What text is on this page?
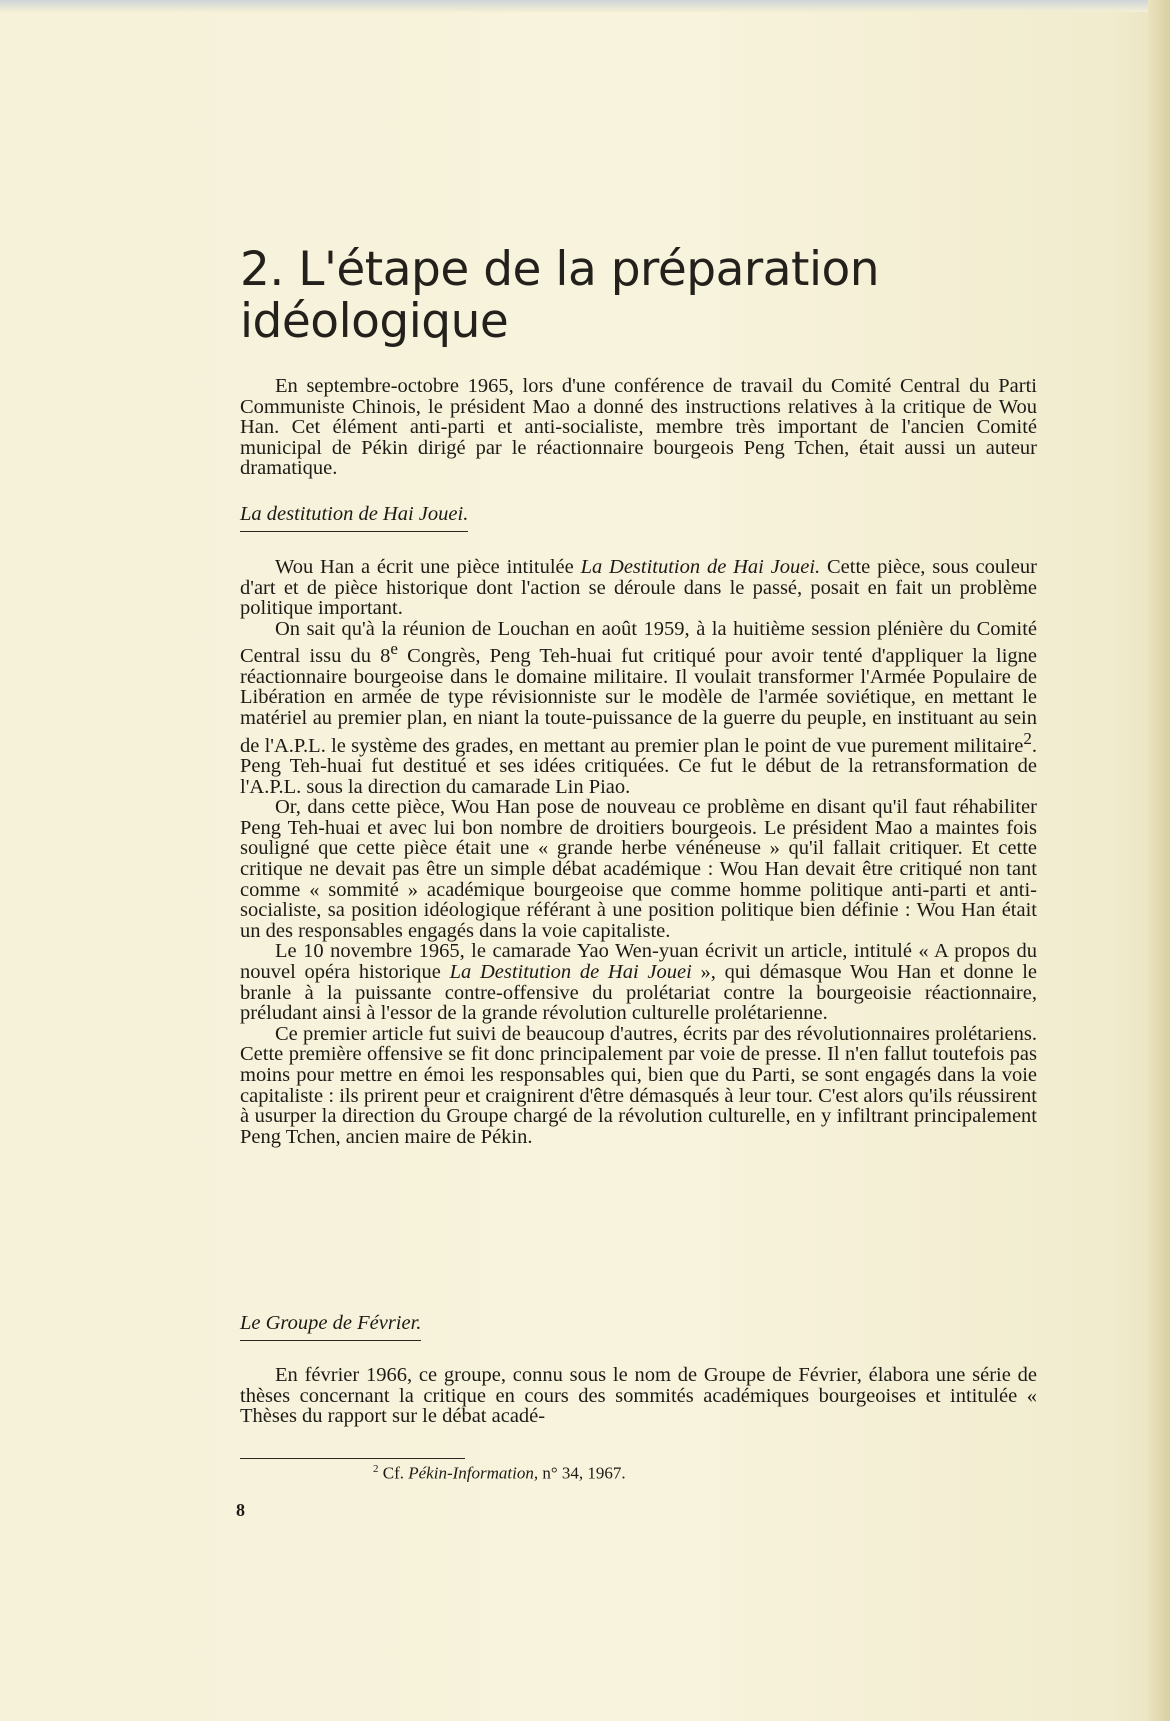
2. L'étape de la préparation
idéologique

En septembre-octobre 1965, lors d'une conférence de travail du Comité Central du Parti Communiste Chinois, le président Mao a donné des instructions relatives à la critique de Wou Han. Cet élément anti-parti et anti-socialiste, membre très important de l'ancien Comité municipal de Pékin dirigé par le réactionnaire bourgeois Peng Tchen, était aussi un auteur dramatique.

La destitution de Hai Jouei.

Wou Han a écrit une pièce intitulée La Destitution de Hai Jouei. Cette pièce, sous couleur d'art et de pièce historique dont l'action se déroule dans le passé, posait en fait un problème politique important.

On sait qu'à la réunion de Louchan en août 1959, à la huitième session plénière du Comité Central issu du 8e Congrès, Peng Teh-huai fut critiqué pour avoir tenté d'appliquer la ligne réactionnaire bourgeoise dans le domaine militaire. Il voulait transformer l'Armée Populaire de Libération en armée de type révisionniste sur le modèle de l'armée soviétique, en mettant le matériel au premier plan, en niant la toute-puissance de la guerre du peuple, en instituant au sein de l'A.P.L. le système des grades, en mettant au premier plan le point de vue purement militaire$^2$. Peng Teh-huai fut destitué et ses idées critiquées. Ce fut le début de la retransformation de l'A.P.L. sous la direction du camarade Lin Piao.

Or, dans cette pièce, Wou Han pose de nouveau ce problème en disant qu'il faut réhabiliter Peng Teh-huai et avec lui bon nombre de droitiers bourgeois. Le président Mao a maintes fois souligné que cette pièce était une « grande herbe vénéneuse » qu'il fallait critiquer. Et cette critique ne devait pas être un simple débat académique : Wou Han devait être critiqué non tant comme « sommité » académique bourgeoise que comme homme politique anti-parti et anti-socialiste, sa position idéologique référant à une position politique bien définie : Wou Han était un des responsables engagés dans la voie capitaliste.

Le 10 novembre 1965, le camarade Yao Wen-yuan écrivit un article, intitulé « A propos du nouvel opéra historique La Destitution de Hai Jouei », qui démasque Wou Han et donne le branle à la puissante contre-offensive du prolétariat contre la bourgeoisie réactionnaire, préludant ainsi à l'essor de la grande révolution culturelle prolétarienne.

Ce premier article fut suivi de beaucoup d'autres, écrits par des révolutionnaires prolétariens. Cette première offensive se fit donc principalement par voie de presse. Il n'en fallut toutefois pas moins pour mettre en émoi les responsables qui, bien que du Parti, se sont engagés dans la voie capitaliste : ils prirent peur et craignirent d'être démasqués à leur tour. C'est alors qu'ils réussirent à usurper la direction du Groupe chargé de la révolution culturelle, en y infiltrant principalement Peng Tchen, ancien maire de Pékin.

Le Groupe de Février.

En février 1966, ce groupe, connu sous le nom de Groupe de Février, élabora une série de thèses concernant la critique en cours des sommités académiques bourgeoises et intitulée « Thèses du rapport sur le débat acadé-

$^2$ Cf. Pékin-Information, n° 34, 1967.
8
